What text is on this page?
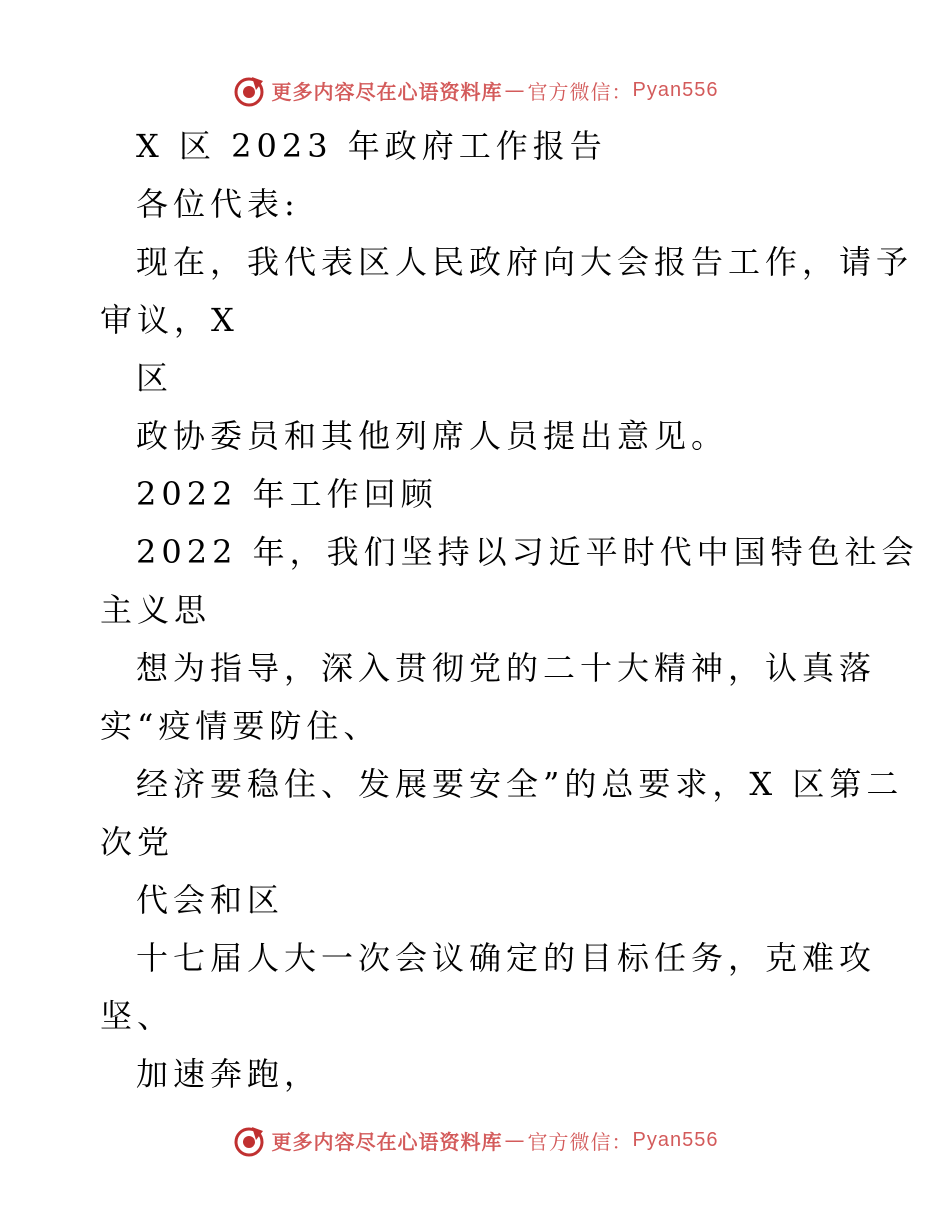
更多内容尽在心语资料库 — 官方微信： Pyan556

X 区 2023 年政府工作报告

各位代表:

现在，我代表区人民政府向大会报告工作，请予

审议，X

区

政协委员和其他列席人员提出意见。

2022 年工作回顾

2022 年，我们坚持以习近平时代中国特色社会

主义思

想为指导，深入贯彻党的二十大精神，认真落

实“疫情要防住、

经济要稳住、发展要安全”的总要求，X 区第二

次党

代会和区

十七届人大一次会议确定的目标任务，克难攻

坚、

加速奔跑，

更多内容尽在心语资料库 — 官方微信： Pyan556
